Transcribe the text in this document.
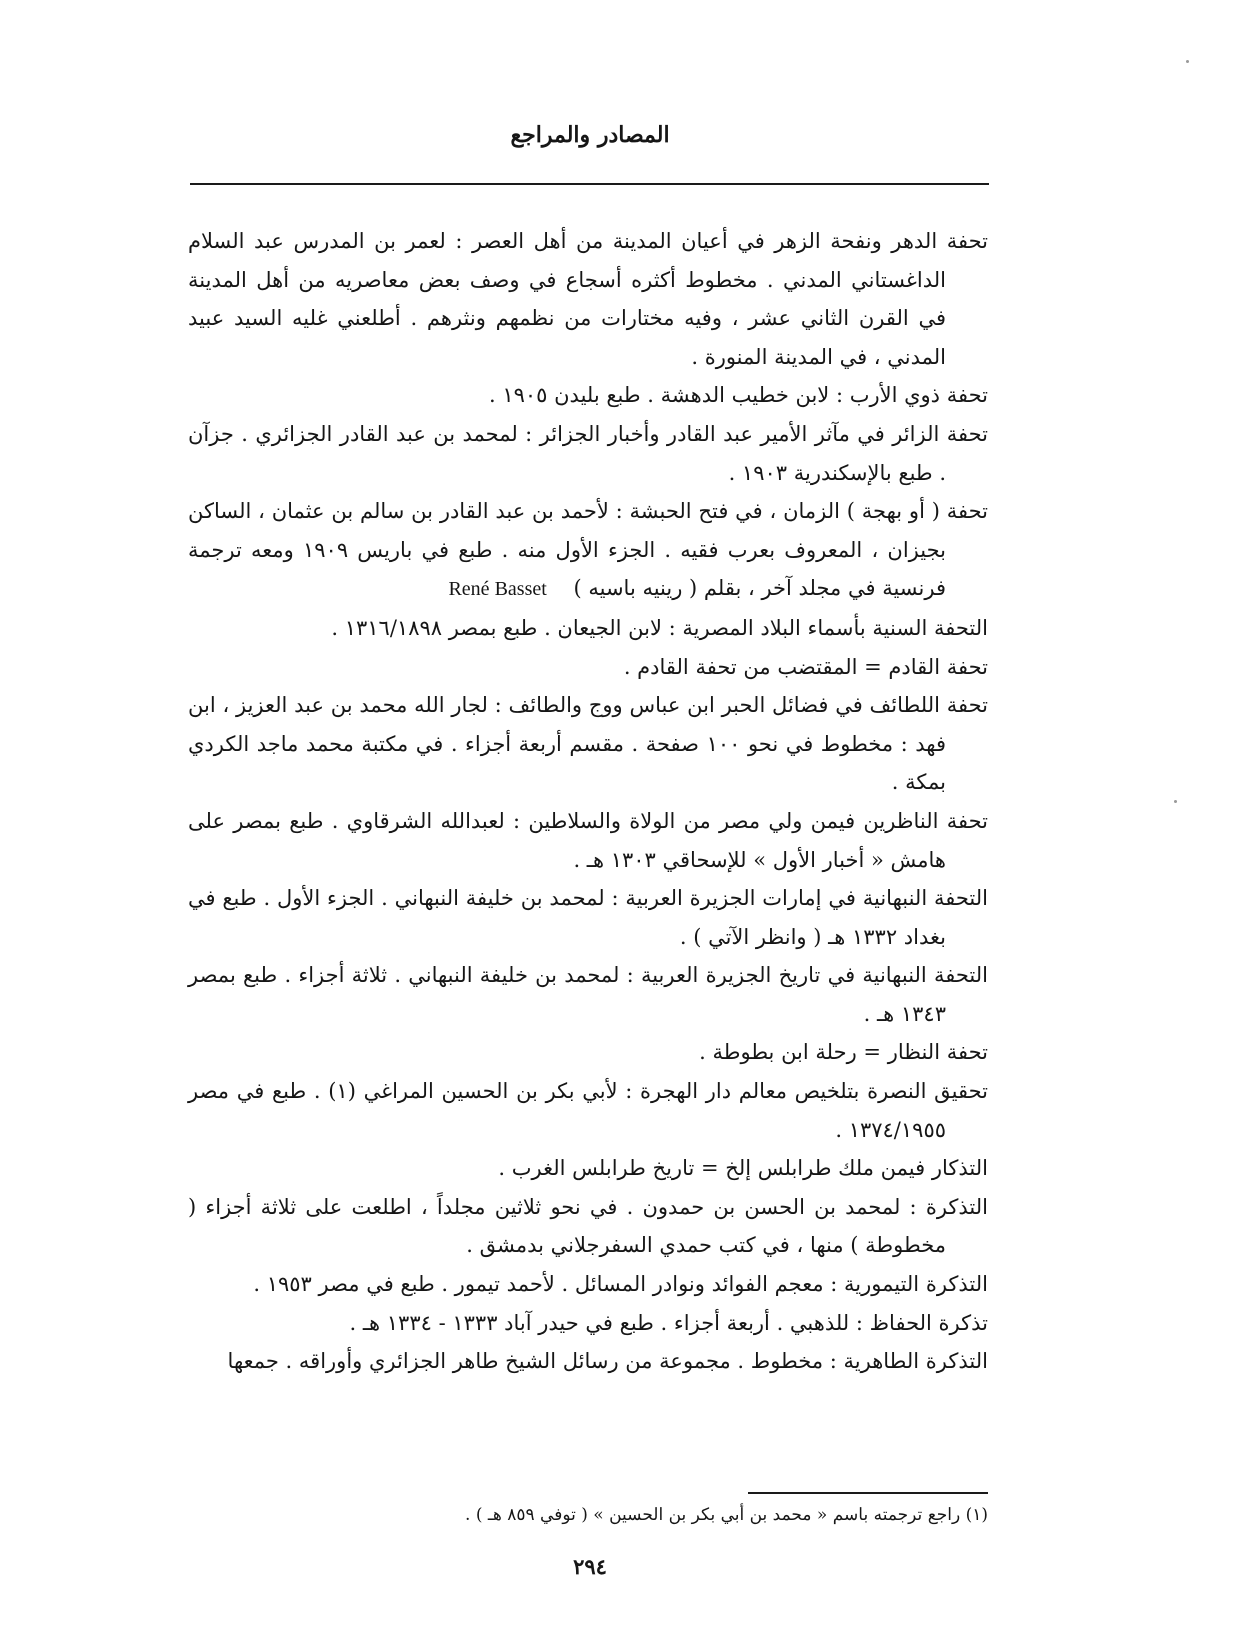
المصادر والمراجع

تحفة الدهر ونفحة الزهر في أعيان المدينة من أهل العصر : لعمر بن المدرس عبد السلام الداغستاني المدني . مخطوط أكثره أسجاع في وصف بعض معاصريه من أهل المدينة في القرن الثاني عشر ، وفيه مختارات من نظمهم ونثرهم . أطلعني غليه السيد عبيد المدني ، في المدينة المنورة .

تحفة ذوي الأرب : لابن خطيب الدهشة . طبع بليدن ١٩٠٥ .

تحفة الزائر في مآثر الأمير عبد القادر وأخبار الجزائر : لمحمد بن عبد القادر الجزائري . جزآن . طبع بالإسكندرية ١٩٠٣ .

تحفة ( أو بهجة ) الزمان ، في فتح الحبشة : لأحمد بن عبد القادر بن سالم بن عثمان ، الساكن بجيزان ، المعروف بعرب فقيه . الجزء الأول منه . طبع في باريس ١٩٠٩ ومعه ترجمة فرنسية في مجلد آخر ، بقلم ( رينيه باسيه )    René Basset

التحفة السنية بأسماء البلاد المصرية : لابن الجيعان . طبع بمصر ١٣١٦/١٨٩٨ .

تحفة القادم = المقتضب من تحفة القادم .

تحفة اللطائف في فضائل الحبر ابن عباس ووج والطائف : لجار الله محمد بن عبد العزيز ، ابن فهد : مخطوط في نحو ١٠٠ صفحة . مقسم أربعة أجزاء . في مكتبة محمد ماجد الكردي بمكة .

تحفة الناظرين فيمن ولي مصر من الولاة والسلاطين : لعبدالله الشرقاوي . طبع بمصر على هامش « أخبار الأول » للإسحاقي ١٣٠٣ هـ .

التحفة النبهانية في إمارات الجزيرة العربية : لمحمد بن خليفة النبهاني . الجزء الأول . طبع في بغداد ١٣٣٢ هـ ( وانظر الآتي ) .

التحفة النبهانية في تاريخ الجزيرة العربية : لمحمد بن خليفة النبهاني . ثلاثة أجزاء . طبع بمصر ١٣٤٣ هـ .

تحفة النظار = رحلة ابن بطوطة .

تحقيق النصرة بتلخيص معالم دار الهجرة : لأبي بكر بن الحسين المراغي (١) . طبع في مصر ١٣٧٤/١٩٥٥ .

التذكار فيمن ملك طرابلس إلخ = تاريخ طرابلس الغرب .

التذكرة : لمحمد بن الحسن بن حمدون . في نحو ثلاثين مجلداً ، اطلعت على ثلاثة أجزاء ( مخطوطة ) منها ، في كتب حمدي السفرجلاني بدمشق .

التذكرة التيمورية : معجم الفوائد ونوادر المسائل . لأحمد تيمور . طبع في مصر ١٩٥٣ .

تذكرة الحفاظ : للذهبي . أربعة أجزاء . طبع في حيدر آباد ١٣٣٣ - ١٣٣٤ هـ .

التذكرة الطاهرية : مخطوط . مجموعة من رسائل الشيخ طاهر الجزائري وأوراقه . جمعها

(١) راجع ترجمته باسم « محمد بن أبي بكر بن الحسين » ( توفي ٨٥٩ هـ ) .
٢٩٤
